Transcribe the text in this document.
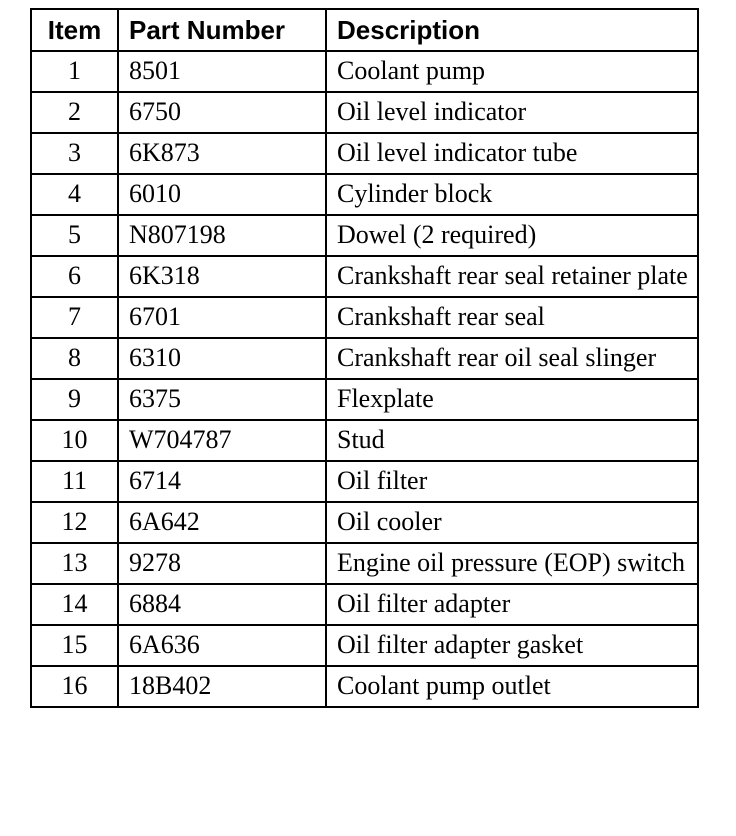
Item	Part Number	Description
1	8501	Coolant pump
2	6750	Oil level indicator
3	6K873	Oil level indicator tube
4	6010	Cylinder block
5	N807198	Dowel (2 required)
6	6K318	Crankshaft rear seal retainer plate
7	6701	Crankshaft rear seal
8	6310	Crankshaft rear oil seal slinger
9	6375	Flexplate
10	W704787	Stud
11	6714	Oil filter
12	6A642	Oil cooler
13	9278	Engine oil pressure (EOP) switch
14	6884	Oil filter adapter
15	6A636	Oil filter adapter gasket
16	18B402	Coolant pump outlet
